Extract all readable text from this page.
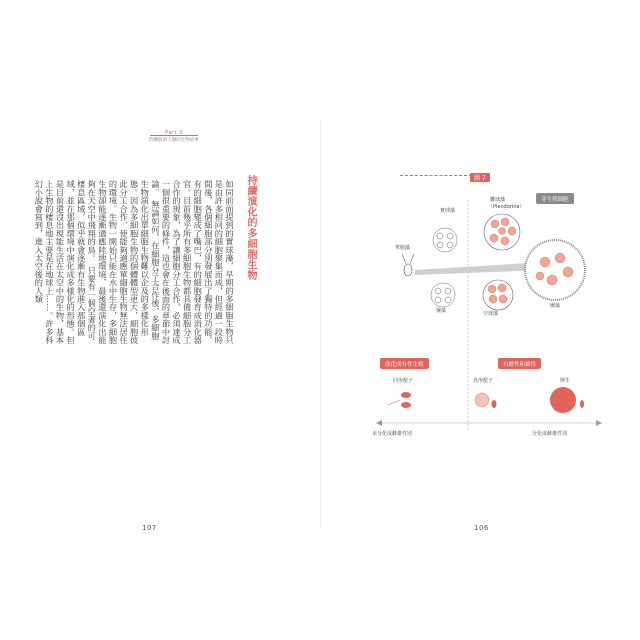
Part 3
問號般的人類的生物故事
持續演化的多細胞生物
如同前面提到的實球藻，早期的多細胞生物只是由許多相同的細胞聚集而成，但經過一段時間後，各個細胞部分別發展出了獨特的功能，有的細胞變成了嘴巴，有的細胞發育成消化器官。目前幾乎所有多細胞生物都具備細胞分工合作的現象，為了讓細胞分工合作，必須達成一個很重要的條件，這也會在後面的章節中討論。　無論如何，在細胞分工合作後，多細胞生物演化出單細胞生物難以企及的多樣化形態。因為多細胞生物的個體體型更大，細胞彼此分工合作，使能夠適應單細胞生物無法居住的環境。生物一開始只能在水中生存，多細胞生物卻能逐漸適應陸地環境，最後還演化出能夠在天空中飛翔的鳥。　只要有一個空著的可棲息區域，似乎就會逐漸有生物進入那個區域，並在那個環境中演化成多樣化的形態。但是目前還沒出現能生活在太空中的生物，基本上生物的棲息地主要是在地球上……。許多科幻小說會寫到，進入太空後的人類
107
圖 7
實球藻
雛球藻
（Pleodorina）
單胞藻
盤藻	空球藻
團藻
非生殖細胞
演化成有性生殖	有雌性和雄性
同形配子	異形配子	卵生
未分化成雌雄性別	分化成雌雄性別
106
